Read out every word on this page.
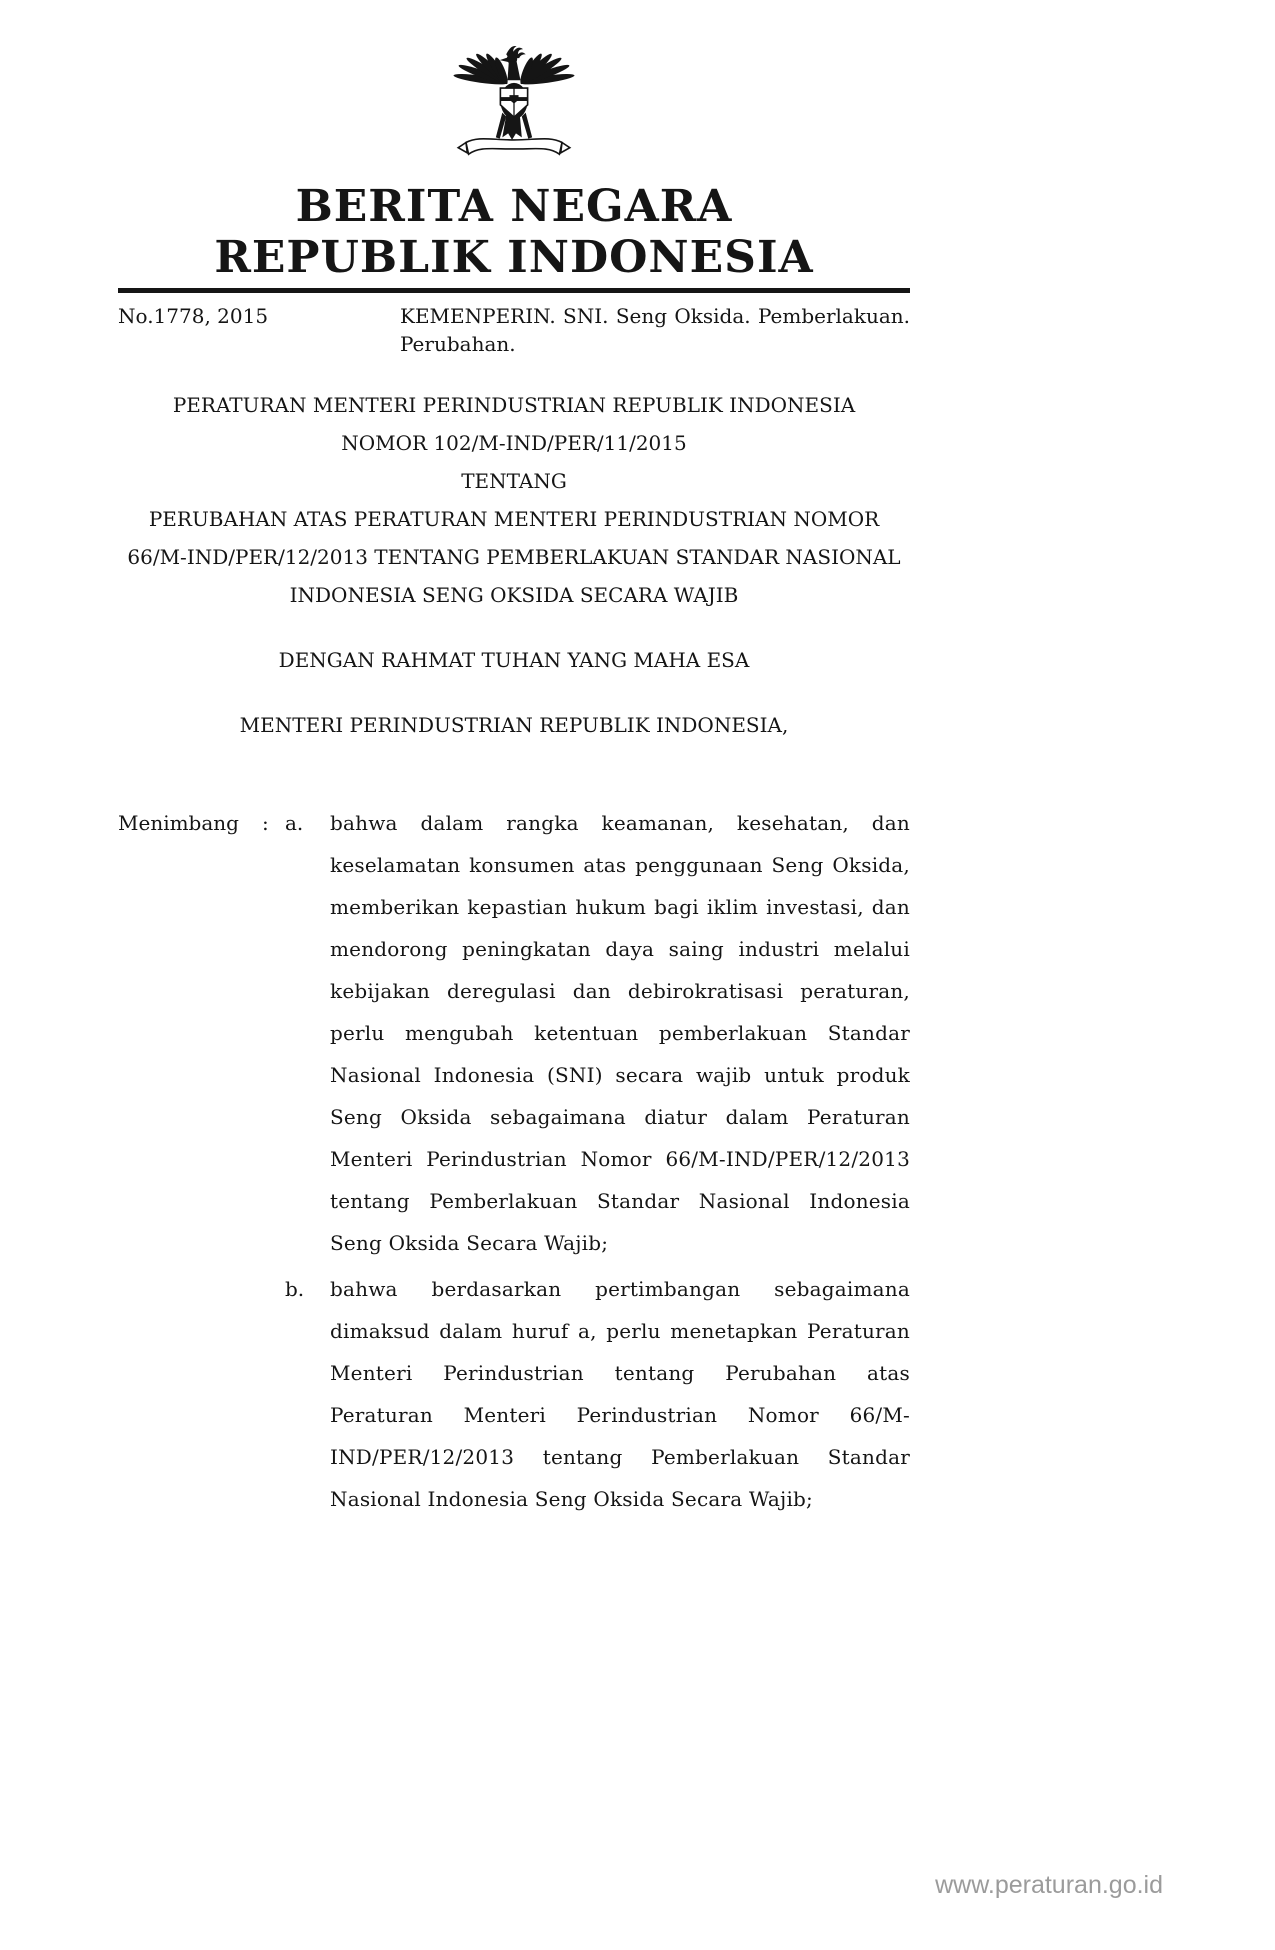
BERITA NEGARA
REPUBLIK INDONESIA
No.1778, 2015	KEMENPERIN. SNI. Seng Oksida. Pemberlakuan. Perubahan.
PERATURAN MENTERI PERINDUSTRIAN REPUBLIK INDONESIA
NOMOR 102/M-IND/PER/11/2015
TENTANG
PERUBAHAN ATAS PERATURAN MENTERI PERINDUSTRIAN NOMOR
66/M-IND/PER/12/2013 TENTANG PEMBERLAKUAN STANDAR NASIONAL
INDONESIA SENG OKSIDA SECARA WAJIB
DENGAN RAHMAT TUHAN YANG MAHA ESA
MENTERI PERINDUSTRIAN REPUBLIK INDONESIA,
Menimbang	: a.	bahwa dalam rangka keamanan, kesehatan, dan keselamatan konsumen atas penggunaan Seng Oksida, memberikan kepastian hukum bagi iklim investasi, dan mendorong peningkatan daya saing industri melalui kebijakan deregulasi dan debirokratisasi peraturan, perlu mengubah ketentuan pemberlakuan Standar Nasional Indonesia (SNI) secara wajib untuk produk Seng Oksida sebagaimana diatur dalam Peraturan Menteri Perindustrian Nomor 66/M-IND/PER/12/2013 tentang Pemberlakuan Standar Nasional Indonesia Seng Oksida Secara Wajib;
b.	bahwa berdasarkan pertimbangan sebagaimana dimaksud dalam huruf a, perlu menetapkan Peraturan Menteri Perindustrian tentang Perubahan atas Peraturan Menteri Perindustrian Nomor 66/M-IND/PER/12/2013 tentang Pemberlakuan Standar Nasional Indonesia Seng Oksida Secara Wajib;
www.peraturan.go.id
